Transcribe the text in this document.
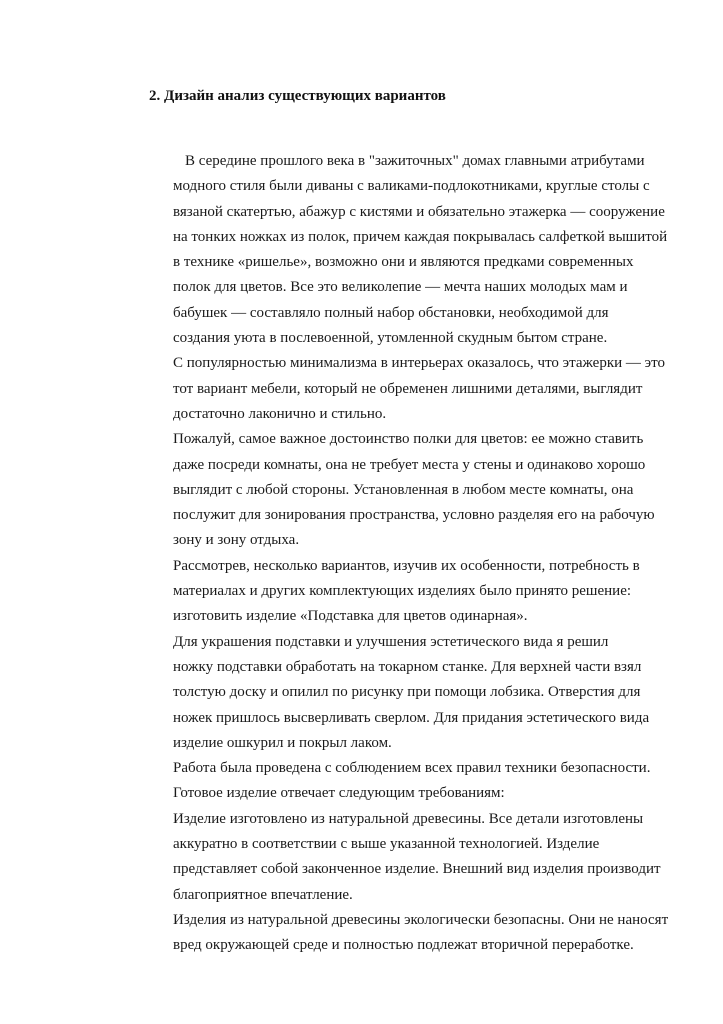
2. Дизайн анализ существующих вариантов
В середине прошлого века в "зажиточных" домах главными атрибутами
модного стиля были диваны с валиками-подлокотниками, круглые столы с
вязаной скатертью, абажур с кистями и обязательно этажерка — сооружение
на тонких ножках из полок, причем каждая покрывалась салфеткой вышитой
в технике «ришелье», возможно они и являются предками современных
полок для цветов. Все это великолепие — мечта наших молодых мам и
бабушек — составляло полный набор обстановки, необходимой для
создания уюта в послевоенной, утомленной скудным бытом стране.
С популярностью минимализма в интерьерах оказалось, что этажерки — это
тот вариант мебели, который не обременен лишними деталями, выглядит
достаточно лаконично и стильно.
Пожалуй, самое важное достоинство полки для цветов: ее можно ставить
даже посреди комнаты, она не требует места у стены и одинаково хорошо
выглядит с любой стороны. Установленная в любом месте комнаты, она
послужит для зонирования пространства, условно разделяя его на рабочую
зону и зону отдыха.
Рассмотрев, несколько вариантов, изучив их особенности, потребность в
материалах и других комплектующих изделиях было принято решение:
изготовить изделие «Подставка для цветов одинарная».
Для украшения подставки и улучшения эстетического вида я решил
ножку подставки обработать на токарном станке. Для верхней части взял
толстую доску и опилил по рисунку при помощи лобзика. Отверстия для
ножек пришлось высверливать сверлом. Для придания эстетического вида
изделие ошкурил и покрыл лаком.
Работа была проведена с соблюдением всех правил техники безопасности.
Готовое изделие отвечает следующим требованиям:
Изделие изготовлено из натуральной древесины. Все детали изготовлены
аккуратно в соответствии с выше указанной технологией. Изделие
представляет собой законченное изделие. Внешний вид изделия производит
благоприятное впечатление.
Изделия из натуральной древесины экологически безопасны. Они не наносят
вред окружающей среде и полностью подлежат вторичной переработке.
